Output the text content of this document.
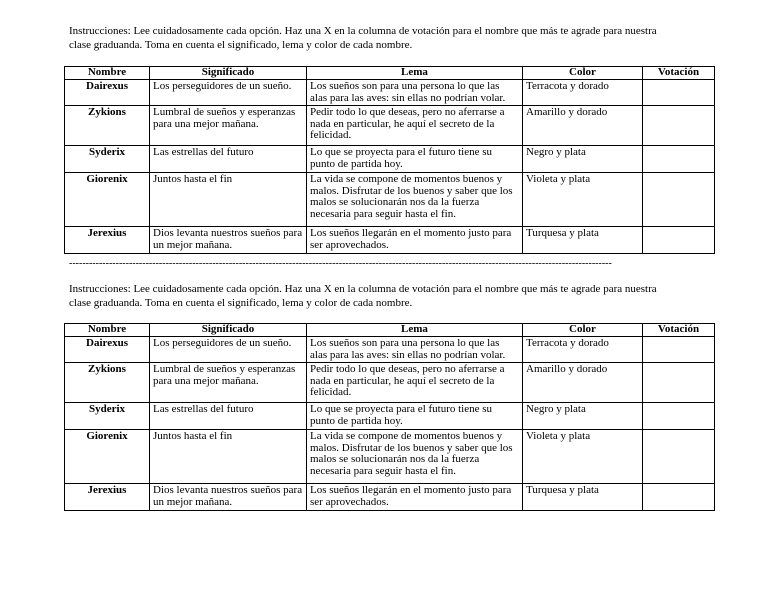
Instrucciones: Lee cuidadosamente cada opción. Haz una X en la columna de votación para el nombre que más te agrade para nuestra
clase graduanda. Toma en cuenta el significado, lema y color de cada nombre.
Nombre	Significado	Lema	Color	Votación
Dairexus	Los perseguidores de un sueño.	Los sueños son para una persona lo que las alas para las aves: sin ellas no podrían volar.	Terracota y dorado	
Zykions	Lumbral de sueños y esperanzas para una mejor mañana.	Pedir todo lo que deseas, pero no aferrarse a nada en particular, he aquí el secreto de la felicidad.	Amarillo y dorado	
Syderix	Las estrellas del futuro	Lo que se proyecta para el futuro tiene su punto de partida hoy.	Negro y plata	
Giorenix	Juntos hasta el fin	La vida se compone de momentos buenos y malos. Disfrutar de los buenos y saber que los malos se solucionarán nos da la fuerza necesaria para seguir hasta el fin.	Violeta y plata	
Jerexius	Dios levanta nuestros sueños para un mejor mañana.	Los sueños llegarán en el momento justo para ser aprovechados.	Turquesa y plata	
-------------------------------------------------------------------------------------------------------------------------------------------------------------------
Instrucciones: Lee cuidadosamente cada opción. Haz una X en la columna de votación para el nombre que más te agrade para nuestra
clase graduanda. Toma en cuenta el significado, lema y color de cada nombre.
Nombre	Significado	Lema	Color	Votación
Dairexus	Los perseguidores de un sueño.	Los sueños son para una persona lo que las alas para las aves: sin ellas no podrían volar.	Terracota y dorado	
Zykions	Lumbral de sueños y esperanzas para una mejor mañana.	Pedir todo lo que deseas, pero no aferrarse a nada en particular, he aquí el secreto de la felicidad.	Amarillo y dorado	
Syderix	Las estrellas del futuro	Lo que se proyecta para el futuro tiene su punto de partida hoy.	Negro y plata	
Giorenix	Juntos hasta el fin	La vida se compone de momentos buenos y malos. Disfrutar de los buenos y saber que los malos se solucionarán nos da la fuerza necesaria para seguir hasta el fin.	Violeta y plata	
Jerexius	Dios levanta nuestros sueños para un mejor mañana.	Los sueños llegarán en el momento justo para ser aprovechados.	Turquesa y plata	
